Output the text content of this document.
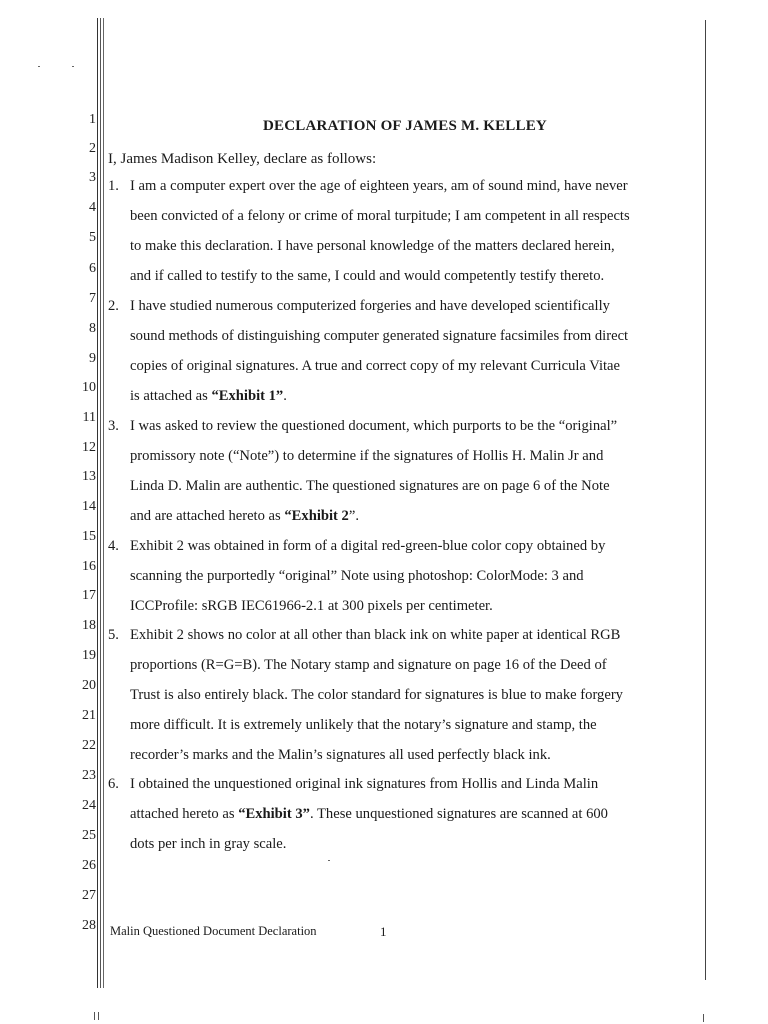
1
2
3
4
5
6
7
8
9
10
11
12
13
14
15
16
17
18
19
20
21
22
23
24
25
26
27
28
DECLARATION OF JAMES M. KELLEY
I, James Madison Kelley, declare as follows:
1. I am a computer expert over the age of eighteen years, am of sound mind, have never
been convicted of a felony or crime of moral turpitude; I am competent in all respects
to make this declaration. I have personal knowledge of the matters declared herein,
and if called to testify to the same, I could and would competently testify thereto.
2. I have studied numerous computerized forgeries and have developed scientifically
sound methods of distinguishing computer generated signature facsimiles from direct
copies of original signatures. A true and correct copy of my relevant Curricula Vitae
is attached as “Exhibit 1”.
3. I was asked to review the questioned document, which purports to be the “original”
promissory note (“Note”) to determine if the signatures of Hollis H. Malin Jr and
Linda D. Malin are authentic. The questioned signatures are on page 6 of the Note
and are attached hereto as “Exhibit 2”.
4. Exhibit 2 was obtained in form of a digital red-green-blue color copy obtained by
scanning the purportedly “original” Note using photoshop: ColorMode: 3 and
ICCProfile: sRGB IEC61966-2.1 at 300 pixels per centimeter.
5. Exhibit 2 shows no color at all other than black ink on white paper at identical RGB
proportions (R=G=B). The Notary stamp and signature on page 16 of the Deed of
Trust is also entirely black. The color standard for signatures is blue to make forgery
more difficult. It is extremely unlikely that the notary’s signature and stamp, the
recorder’s marks and the Malin’s signatures all used perfectly black ink.
6. I obtained the unquestioned original ink signatures from Hollis and Linda Malin
attached hereto as “Exhibit 3”. These unquestioned signatures are scanned at 600
dots per inch in gray scale.
Malin Questioned Document Declaration	1
